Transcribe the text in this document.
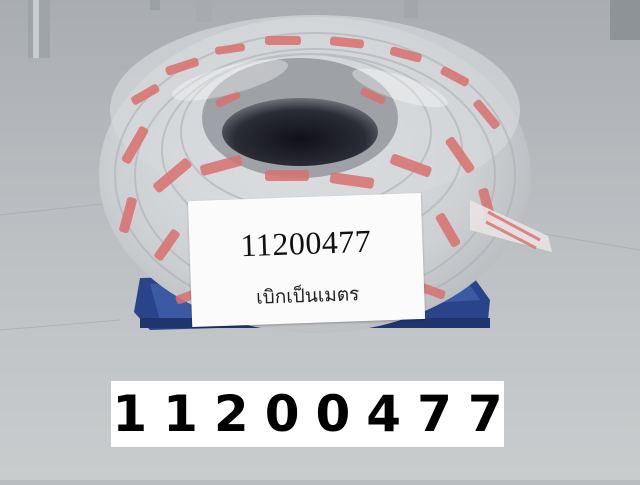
11200477
เบิกเป็นเมตร
11200477
